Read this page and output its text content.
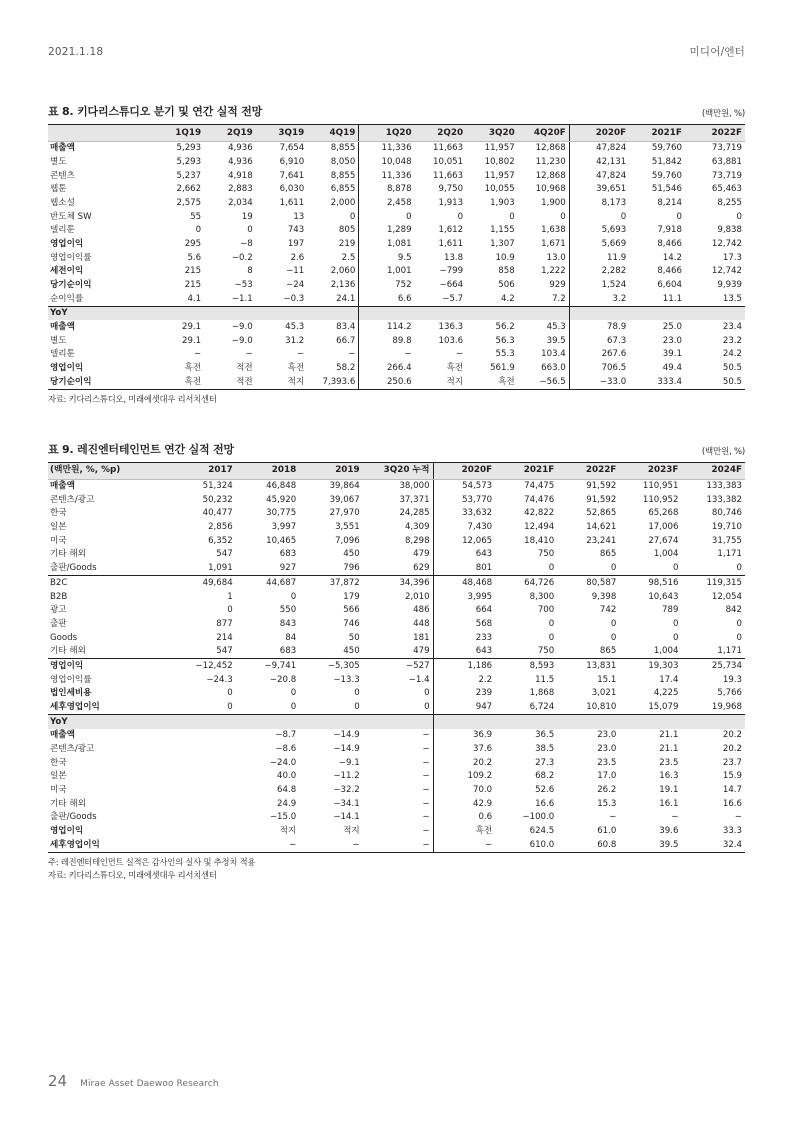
2021.1.18	미디어/엔터
표 8. 키다리스튜디오 분기 및 연간 실적 전망	(백만원, %)
	1Q19	2Q19	3Q19	4Q19	1Q20	2Q20	3Q20	4Q20F	2020F	2021F	2022F
매출액	5,293	4,936	7,654	8,855	11,336	11,663	11,957	12,868	47,824	59,760	73,719
별도	5,293	4,936	6,910	8,050	10,048	10,051	10,802	11,230	42,131	51,842	63,881
콘텐츠	5,237	4,918	7,641	8,855	11,336	11,663	11,957	12,868	47,824	59,760	73,719
웹툰	2,662	2,883	6,030	6,855	8,878	9,750	10,055	10,968	39,651	51,546	65,463
웹소설	2,575	2,034	1,611	2,000	2,458	1,913	1,903	1,900	8,173	8,214	8,255
반도체 SW	55	19	13	0	0	0	0	0	0	0	0
델리툰	0	0	743	805	1,289	1,612	1,155	1,638	5,693	7,918	9,838
영업이익	295	−8	197	219	1,081	1,611	1,307	1,671	5,669	8,466	12,742
영업이익률	5.6	−0.2	2.6	2.5	9.5	13.8	10.9	13.0	11.9	14.2	17.3
세전이익	215	8	−11	2,060	1,001	−799	858	1,222	2,282	8,466	12,742
당기순이익	215	−53	−24	2,136	752	−664	506	929	1,524	6,604	9,939
순이익률	4.1	−1.1	−0.3	24.1	6.6	−5.7	4.2	7.2	3.2	11.1	13.5
YoY											
매출액	29.1	−9.0	45.3	83.4	114.2	136.3	56.2	45.3	78.9	25.0	23.4
별도	29.1	−9.0	31.2	66.7	89.8	103.6	56.3	39.5	67.3	23.0	23.2
델리툰	−	−	−	−	−	−	55.3	103.4	267.6	39.1	24.2
영업이익	흑전	적전	흑전	58.2	266.4	흑전	561.9	663.0	706.5	49.4	50.5
당기순이익	흑전	적전	적지	7,393.6	250.6	적지	흑전	−56.5	−33.0	333.4	50.5
자료: 키다리스튜디오, 미래에셋대우 리서치센터
표 9. 레진엔터테인먼트 연간 실적 전망	(백만원, %)
(백만원, %, %p)	2017	2018	2019	3Q20 누적	2020F	2021F	2022F	2023F	2024F
매출액	51,324	46,848	39,864	38,000	54,573	74,475	91,592	110,951	133,383
콘텐츠/광고	50,232	45,920	39,067	37,371	53,770	74,476	91,592	110,952	133,382
한국	40,477	30,775	27,970	24,285	33,632	42,822	52,865	65,268	80,746
일본	2,856	3,997	3,551	4,309	7,430	12,494	14,621	17,006	19,710
미국	6,352	10,465	7,096	8,298	12,065	18,410	23,241	27,674	31,755
기타 해외	547	683	450	479	643	750	865	1,004	1,171
출판/Goods	1,091	927	796	629	801	0	0	0	0
B2C	49,684	44,687	37,872	34,396	48,468	64,726	80,587	98,516	119,315
B2B	1	0	179	2,010	3,995	8,300	9,398	10,643	12,054
광고	0	550	566	486	664	700	742	789	842
출판	877	843	746	448	568	0	0	0	0
Goods	214	84	50	181	233	0	0	0	0
기타 해외	547	683	450	479	643	750	865	1,004	1,171
영업이익	−12,452	−9,741	−5,305	−527	1,186	8,593	13,831	19,303	25,734
영업이익률	−24.3	−20.8	−13.3	−1.4	2.2	11.5	15.1	17.4	19.3
법인세비용	0	0	0	0	239	1,868	3,021	4,225	5,766
세후영업이익	0	0	0	0	947	6,724	10,810	15,079	19,968
YoY									
매출액		−8.7	−14.9	−	36.9	36.5	23.0	21.1	20.2
콘텐츠/광고		−8.6	−14.9	−	37.6	38.5	23.0	21.1	20.2
한국		−24.0	−9.1	−	20.2	27.3	23.5	23.5	23.7
일본		40.0	−11.2	−	109.2	68.2	17.0	16.3	15.9
미국		64.8	−32.2	−	70.0	52.6	26.2	19.1	14.7
기타 해외		24.9	−34.1	−	42.9	16.6	15.3	16.1	16.6
출판/Goods		−15.0	−14.1	−	0.6	−100.0	−	−	−
영업이익		적지	적지	−	흑전	624.5	61.0	39.6	33.3
세후영업이익		−	−	−	−	610.0	60.8	39.5	32.4
주: 레진엔터테인먼트 실적은 감사인의 실사 및 추정치 적용
자료: 키다리스튜디오, 미래에셋대우 리서치센터
24 Mirae Asset Daewoo Research
